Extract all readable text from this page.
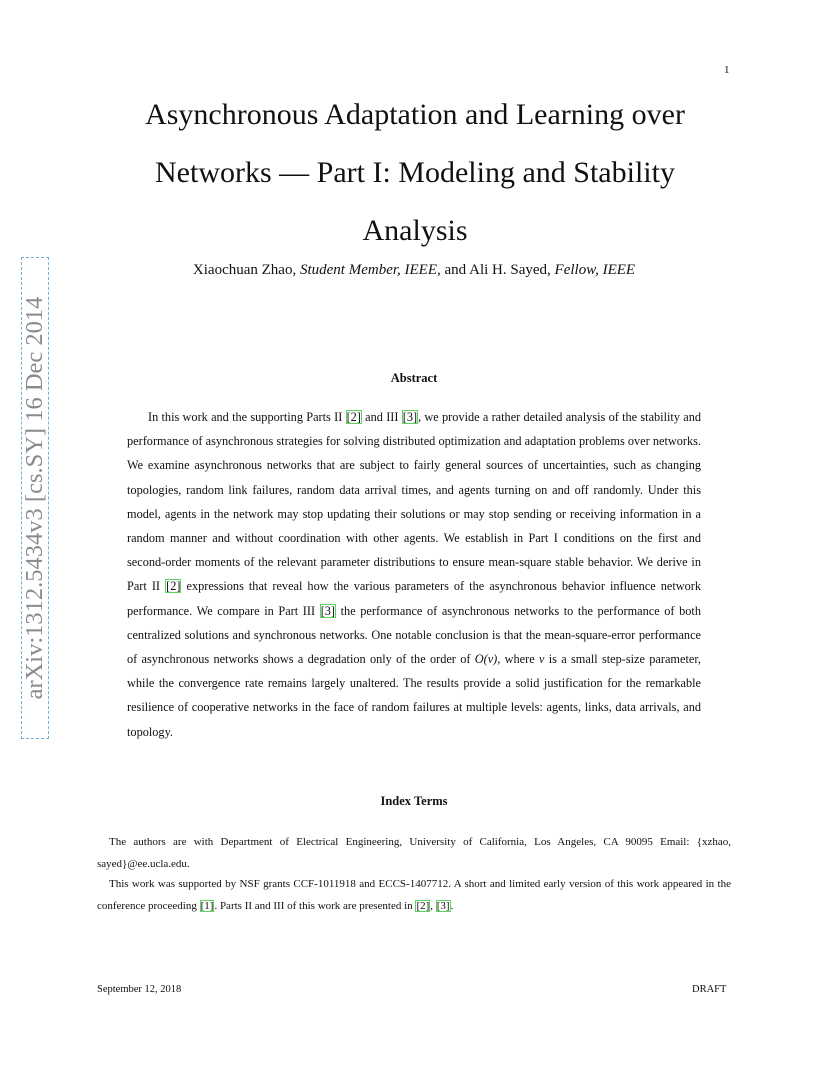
1
arXiv:1312.5434v3 [cs.SY] 16 Dec 2014
Asynchronous Adaptation and Learning over Networks — Part I: Modeling and Stability Analysis
Xiaochuan Zhao, Student Member, IEEE, and Ali H. Sayed, Fellow, IEEE
Abstract

In this work and the supporting Parts II [2] and III [3], we provide a rather detailed analysis of the stability and performance of asynchronous strategies for solving distributed optimization and adaptation problems over networks. We examine asynchronous networks that are subject to fairly general sources of uncertainties, such as changing topologies, random link failures, random data arrival times, and agents turning on and off randomly. Under this model, agents in the network may stop updating their solutions or may stop sending or receiving information in a random manner and without coordination with other agents. We establish in Part I conditions on the first and second-order moments of the relevant parameter distributions to ensure mean-square stable behavior. We derive in Part II [2] expressions that reveal how the various parameters of the asynchronous behavior influence network performance. We compare in Part III [3] the performance of asynchronous networks to the performance of both centralized solutions and synchronous networks. One notable conclusion is that the mean-square-error performance of asynchronous networks shows a degradation only of the order of O(ν), where ν is a small step-size parameter, while the convergence rate remains largely unaltered. The results provide a solid justification for the remarkable resilience of cooperative networks in the face of random failures at multiple levels: agents, links, data arrivals, and topology.

Index Terms

The authors are with Department of Electrical Engineering, University of California, Los Angeles, CA 90095 Email: {xzhao, sayed}@ee.ucla.edu.

This work was supported by NSF grants CCF-1011918 and ECCS-1407712. A short and limited early version of this work appeared in the conference proceeding [1]. Parts II and III of this work are presented in [2], [3].

September 12, 2018	DRAFT
